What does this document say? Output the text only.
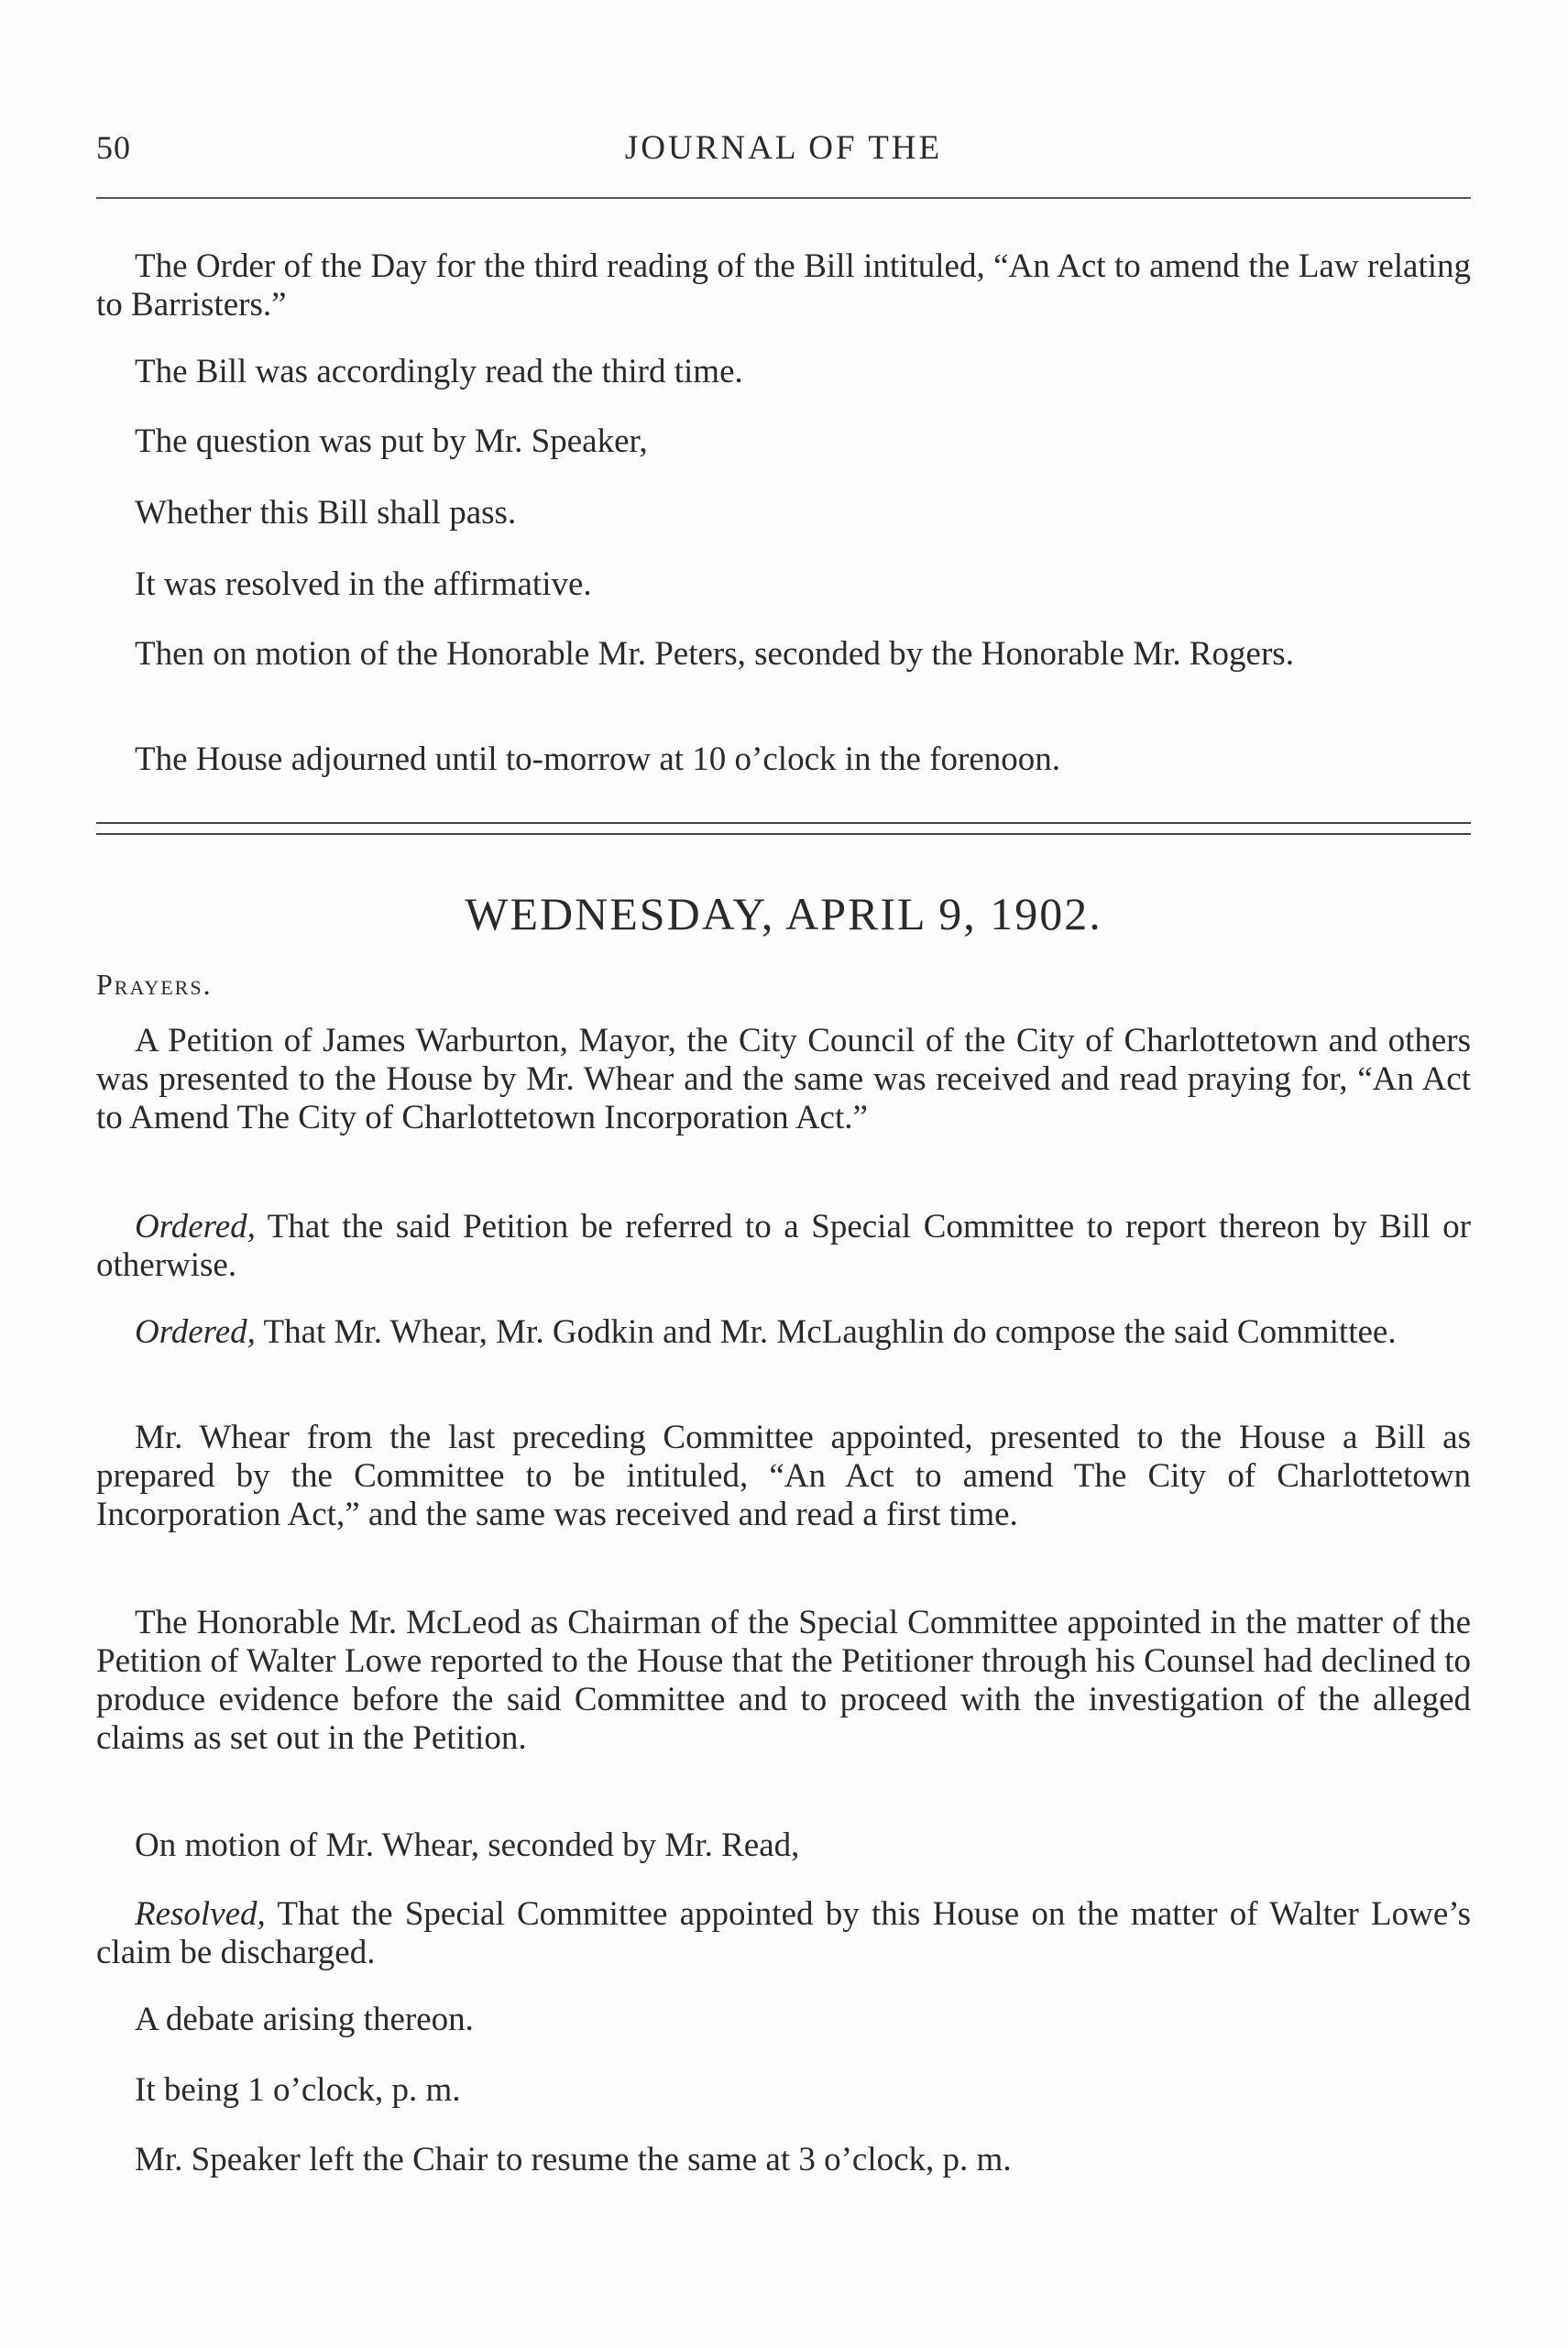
50	JOURNAL OF THE

The Order of the Day for the third reading of the Bill intituled, “An Act to amend the Law relating to Barristers.”

The Bill was accordingly read the third time.

The question was put by Mr. Speaker,

Whether this Bill shall pass.

It was resolved in the affirmative.

Then on motion of the Honorable Mr. Peters, seconded by the Honorable Mr. Rogers.

The House adjourned until to-morrow at 10 o’clock in the forenoon.

WEDNESDAY, APRIL 9, 1902.
Prayers.

A Petition of James Warburton, Mayor, the City Council of the City of Charlottetown and others was presented to the House by Mr. Whear and the same was received and read praying for, “An Act to Amend The City of Charlottetown Incorporation Act.”

Ordered, That the said Petition be referred to a Special Committee to report thereon by Bill or otherwise.

Ordered, That Mr. Whear, Mr. Godkin and Mr. McLaughlin do compose the said Committee.

Mr. Whear from the last preceding Committee appointed, presented to the House a Bill as prepared by the Committee to be intituled, “An Act to amend The City of Charlottetown Incorporation Act,” and the same was received and read a first time.

The Honorable Mr. McLeod as Chairman of the Special Committee appointed in the matter of the Petition of Walter Lowe reported to the House that the Petitioner through his Counsel had declined to produce evidence before the said Committee and to proceed with the investigation of the alleged claims as set out in the Petition.

On motion of Mr. Whear, seconded by Mr. Read,

Resolved, That the Special Committee appointed by this House on the matter of Walter Lowe’s claim be discharged.

A debate arising thereon.

It being 1 o’clock, p. m.

Mr. Speaker left the Chair to resume the same at 3 o’clock, p. m.
